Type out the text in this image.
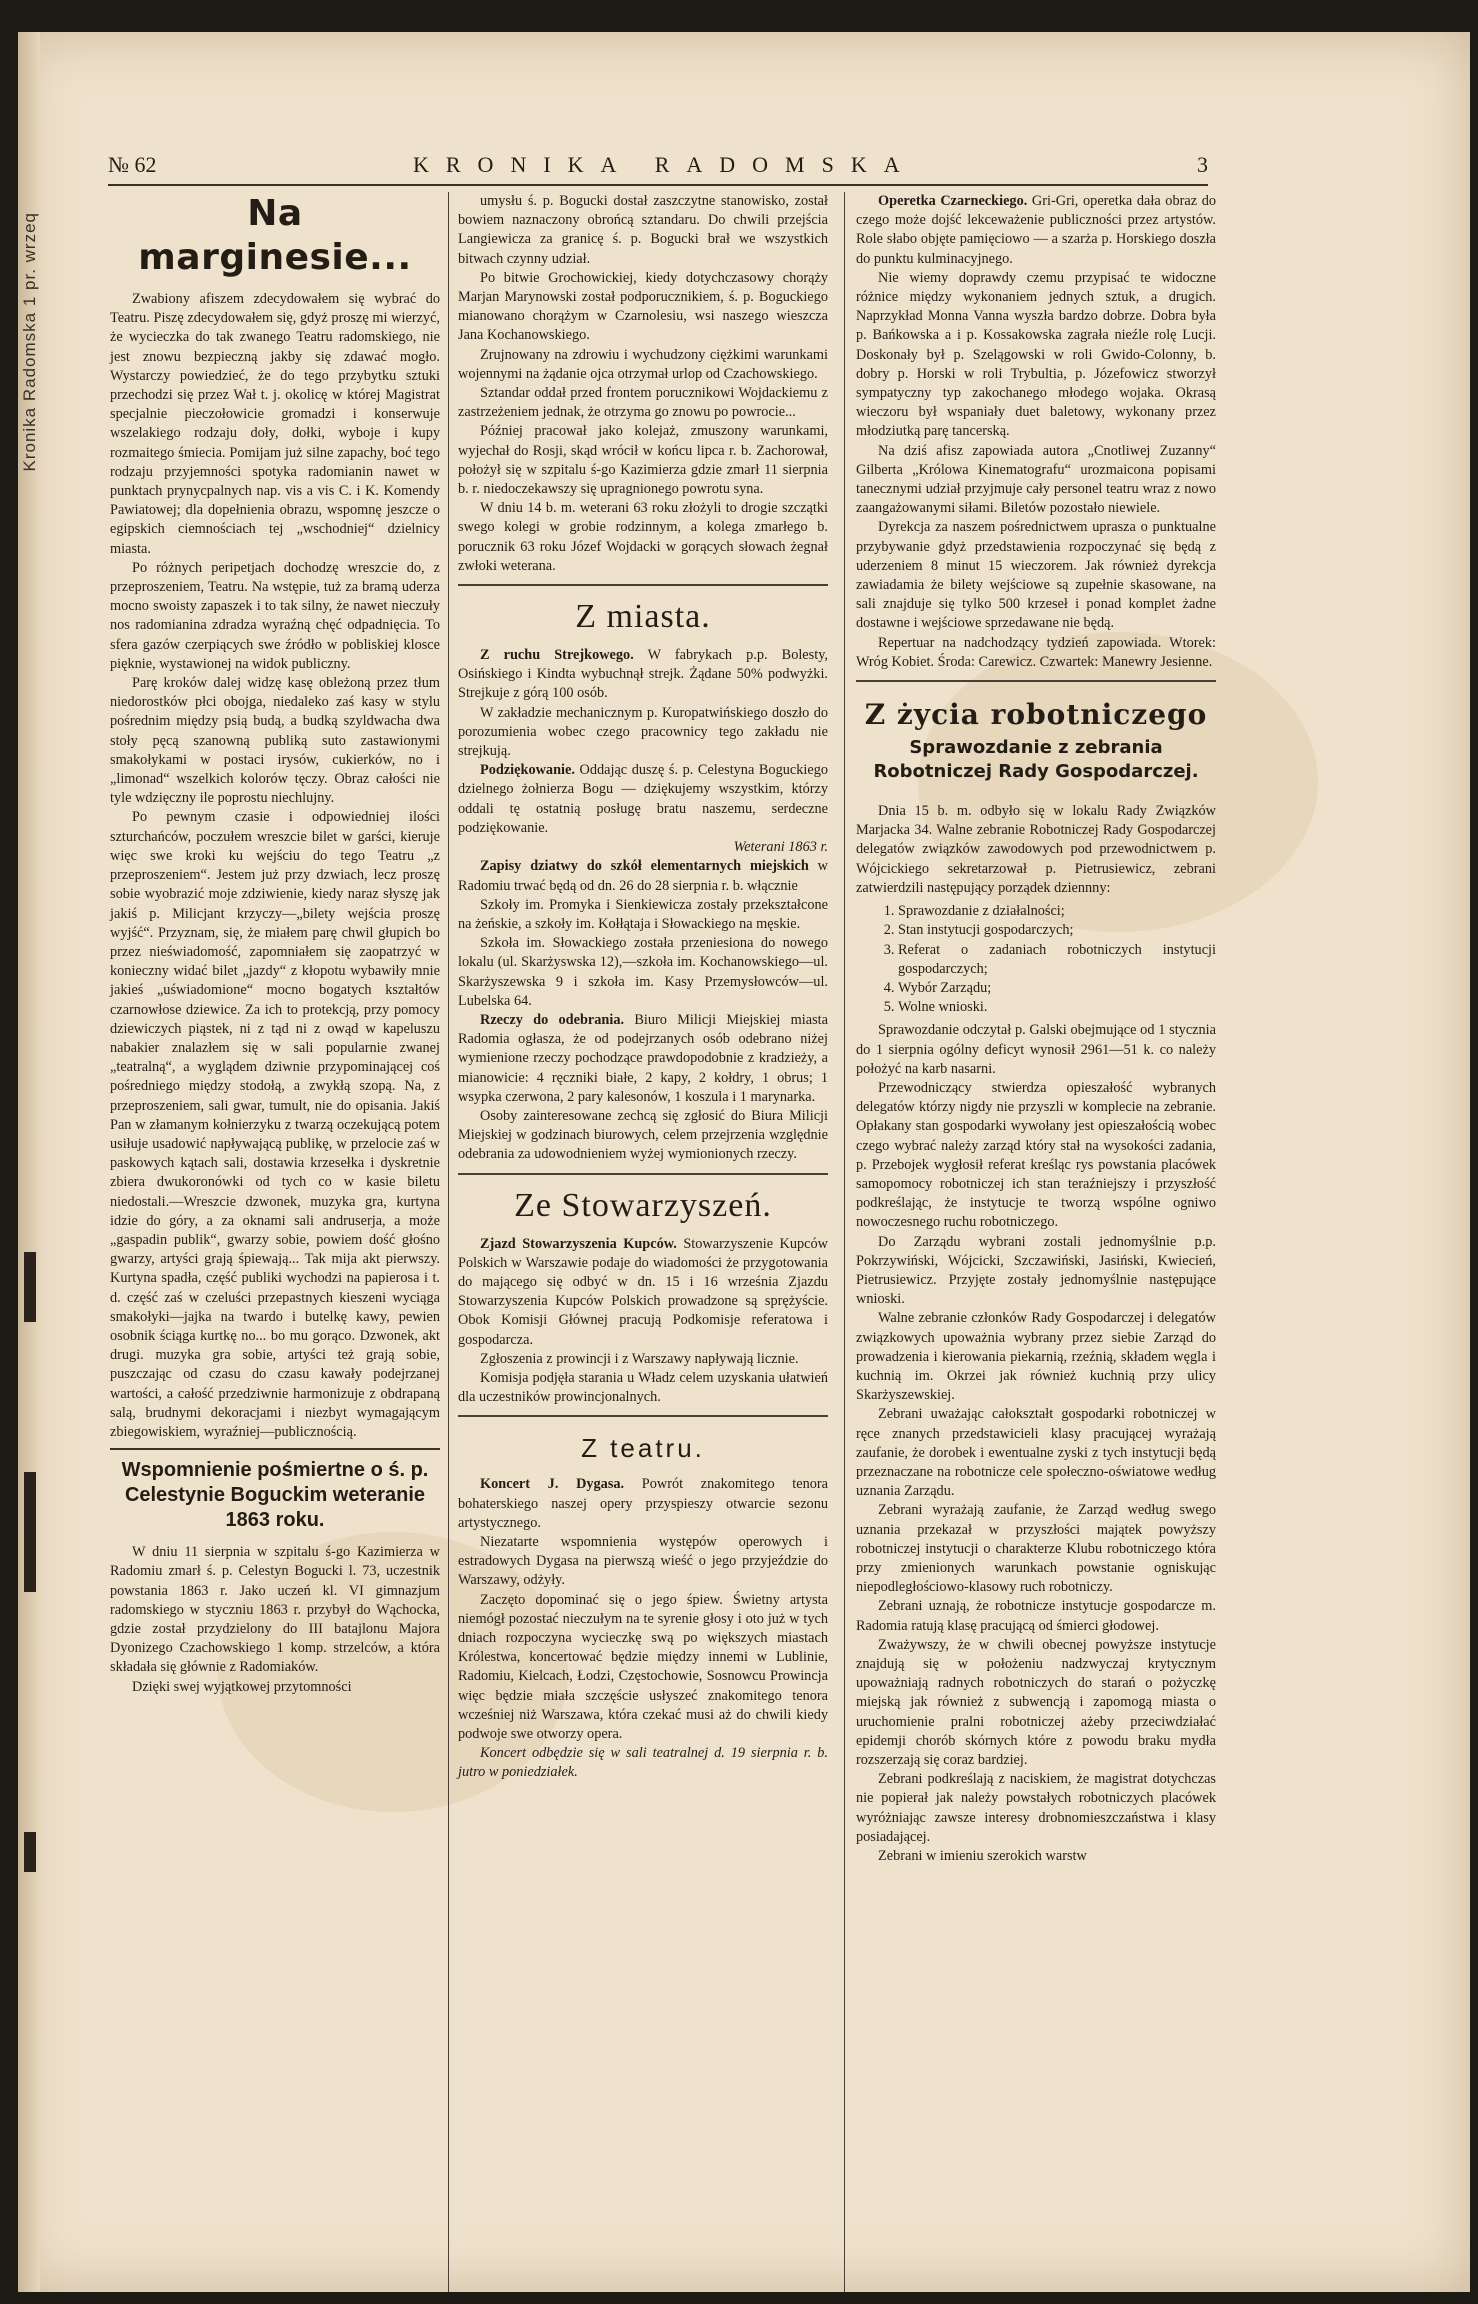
Kronika Radomska 1 pr. wrzeq
№ 62	KRONIKA RADOMSKA	3
Na marginesie...

Zwabiony afiszem zdecydowałem się wybrać do Teatru. Piszę zdecydowałem się, gdyż proszę mi wierzyć, że wycieczka do tak zwanego Teatru radomskiego, nie jest znowu bezpieczną jakby się zdawać mogło. Wystarczy powiedzieć, że do tego przybytku sztuki przechodzi się przez Wał t. j. okolicę w której Magistrat specjalnie pieczołowicie gromadzi i konserwuje wszelakiego rodzaju doły, dołki, wyboje i kupy rozmaitego śmiecia. Pomijam już silne zapachy, boć tego rodzaju przyjemności spotyka radomianin nawet w punktach prynycpalnych nap. vis a vis C. i K. Komendy Pawiatowej; dla dopełnienia obrazu, wspomnę jeszcze o egipskich ciemnościach tej „wschodniej“ dzielnicy miasta.

Po różnych peripetjach dochodzę wreszcie do, z przeproszeniem, Teatru. Na wstępie, tuż za bramą uderza mocno swoisty zapaszek i to tak silny, że nawet nieczuły nos radomianina zdradza wyraźną chęć odpadnięcia. To sfera gazów czerpiących swe źródło w pobliskiej klosce pięknie, wystawionej na widok publiczny.

Parę kroków dalej widzę kasę obleżoną przez tłum niedorostków płci obojga, niedaleko zaś kasy w stylu pośrednim między psią budą, a budką szyldwacha dwa stoły pęcą szanowną publiką suto zastawionymi smakołykami w postaci irysów, cukierków, no i „limonad“ wszelkich kolorów tęczy. Obraz całości nie tyle wdzięczny ile poprostu niechlujny.

Po pewnym czasie i odpowiedniej ilości szturchańców, poczułem wreszcie bilet w garści, kieruje więc swe kroki ku wejściu do tego Teatru „z przeproszeniem“. Jestem już przy dzwiach, lecz proszę sobie wyobrazić moje zdziwienie, kiedy naraz słyszę jak jakiś p. Milicjant krzyczy—„bilety wejścia proszę wyjść“. Przyznam, się, że miałem parę chwil głupich bo przez nieświadomość, zapomniałem się zaopatrzyć w konieczny widać bilet „jazdy“ z kłopotu wybawiły mnie jakieś „uświadomione“ mocno bogatych kształtów czarnowłose dziewice. Za ich to protekcją, przy pomocy dziewiczych piąstek, ni z tąd ni z owąd w kapeluszu nabakier znalazłem się w sali popularnie zwanej „teatralną“, a wyglądem dziwnie przypominającej coś pośredniego między stodołą, a zwykłą szopą. Na, z przeproszeniem, sali gwar, tumult, nie do opisania. Jakiś Pan w złamanym kołnierzyku z twarzą oczekującą potem usiłuje usadowić napływającą publikę, w przelocie zaś w paskowych kątach sali, dostawia krzesełka i dyskretnie zbiera dwukoronówki od tych co w kasie biletu niedostali.—Wreszcie dzwonek, muzyka gra, kurtyna idzie do góry, a za oknami sali andruserja, a może „gaspadin publik“, gwarzy sobie, powiem dość głośno gwarzy, artyści grają śpiewają... Tak mija akt pierwszy. Kurtyna spadła, część publiki wychodzi na papierosa i t. d. część zaś w czeluści przepastnych kieszeni wyciąga smakołyki—jajka na twardo i butelkę kawy, pewien osobnik ściąga kurtkę no... bo mu gorąco. Dzwonek, akt drugi. muzyka gra sobie, artyści też grają sobie, puszczając od czasu do czasu kawały podejrzanej wartości, a całość przedziwnie harmonizuje z obdrapaną salą, brudnymi dekoracjami i niezbyt wymagającym zbiegowiskiem, wyraźniej—publicznością.

Wspomnienie pośmiertne o ś. p. Celestynie Boguckim weteranie 1863 roku.

W dniu 11 sierpnia w szpitalu ś-go Kazimierza w Radomiu zmarł ś. p. Celestyn Bogucki l. 73, uczestnik powstania 1863 r. Jako uczeń kl. VI gimnazjum radomskiego w styczniu 1863 r. przybył do Wąchocka, gdzie został przydzielony do III batajlonu Majora Dyonizego Czachowskiego 1 komp. strzelców, a która składała się głównie z Radomiaków.

Dzięki swej wyjątkowej przytomności

umysłu ś. p. Bogucki dostał zaszczytne stanowisko, został bowiem naznaczony obrońcą sztandaru. Do chwili przejścia Langiewicza za granicę ś. p. Bogucki brał we wszystkich bitwach czynny udział.

Po bitwie Grochowickiej, kiedy dotychczasowy chorąży Marjan Marynowski został podporucznikiem, ś. p. Boguckiego mianowano chorążym w Czarnolesiu, wsi naszego wieszcza Jana Kochanowskiego.

Zrujnowany na zdrowiu i wychudzony ciężkimi warunkami wojennymi na żądanie ojca otrzymał urlop od Czachowskiego.

Sztandar oddał przed frontem porucznikowi Wojdackiemu z zastrzeżeniem jednak, że otrzyma go znowu po powrocie...

Później pracował jako kolejaż, zmuszony warunkami, wyjechał do Rosji, skąd wrócił w końcu lipca r. b. Zachorował, położył się w szpitalu ś-go Kazimierza gdzie zmarł 11 sierpnia b. r. niedoczekawszy się upragnionego powrotu syna.

W dniu 14 b. m. weterani 63 roku złożyli to drogie szczątki swego kolegi w grobie rodzinnym, a kolega zmarłego b. porucznik 63 roku Józef Wojdacki w gorących słowach żegnał zwłoki weterana.

Z miasta.

Z ruchu Strejkowego. W fabrykach p.p. Bolesty, Osińskiego i Kindta wybuchnął strejk. Żądane 50% podwyżki. Strejkuje z górą 100 osób.

W zakładzie mechanicznym p. Kuropatwińskiego doszło do porozumienia wobec czego pracownicy tego zakładu nie strejkują.

Podziękowanie. Oddając duszę ś. p. Celestyna Boguckiego dzielnego żołnierza Bogu — dziękujemy wszystkim, którzy oddali tę ostatnią posługę bratu naszemu, serdeczne podziękowanie.

Weterani 1863 r.

Zapisy dziatwy do szkół elementarnych miejskich w Radomiu trwać będą od dn. 26 do 28 sierpnia r. b. włącznie

Szkoły im. Promyka i Sienkiewicza zostały przekształcone na żeńskie, a szkoły im. Kołłątaja i Słowackiego na męskie.

Szkoła im. Słowackiego została przeniesiona do nowego lokalu (ul. Skarżyswska 12),—szkoła im. Kochanowskiego—ul. Skarżyszewska 9 i szkoła im. Kasy Przemysłowców—ul. Lubelska 64.

Rzeczy do odebrania. Biuro Milicji Miejskiej miasta Radomia ogłasza, że od podejrzanych osób odebrano niżej wymienione rzeczy pochodzące prawdopodobnie z kradzieży, a mianowicie: 4 ręczniki białe, 2 kapy, 2 kołdry, 1 obrus; 1 wsypka czerwona, 2 pary kalesonów, 1 koszula i 1 marynarka.

Osoby zainteresowane zechcą się zgłosić do Biura Milicji Miejskiej w godzinach biurowych, celem przejrzenia względnie odebrania za udowodnieniem wyżej wymionionych rzeczy.

Ze Stowarzyszeń.

Zjazd Stowarzyszenia Kupców. Stowarzyszenie Kupców Polskich w Warszawie podaje do wiadomości że przygotowania do mającego się odbyć w dn. 15 i 16 września Zjazdu Stowarzyszenia Kupców Polskich prowadzone są sprężyście. Obok Komisji Głównej pracują Podkomisje referatowa i gospodarcza.

Zgłoszenia z prowincji i z Warszawy napływają licznie.

Komisja podjęła starania u Władz celem uzyskania ułatwień dla uczestników prowincjonalnych.

Z teatru.

Koncert J. Dygasa. Powrót znakomitego tenora bohaterskiego naszej opery przyspieszy otwarcie sezonu artystycznego.

Niezatarte wspomnienia występów operowych i estradowych Dygasa na pierwszą wieść o jego przyjeździe do Warszawy, odżyły.

Zaczęto dopominać się o jego śpiew. Świetny artysta niemógł pozostać nieczułym na te syrenie głosy i oto już w tych dniach rozpoczyna wycieczkę swą po większych miastach Królestwa, koncertować będzie między innemi w Lublinie, Radomiu, Kielcach, Łodzi, Częstochowie, Sosnowcu Prowincja więc będzie miała szczęście usłyszeć znakomitego tenora wcześniej niż Warszawa, która czekać musi aż do chwili kiedy podwoje swe otworzy opera.

Koncert odbędzie się w sali teatralnej d. 19 sierpnia r. b. jutro w poniedziałek.

Operetka Czarneckiego. Gri-Gri, operetka dała obraz do czego może dojść lekceważenie publiczności przez artystów. Role słabo objęte pamięciowo — a szarża p. Horskiego doszła do punktu kulminacyjnego.

Nie wiemy doprawdy czemu przypisać te widoczne różnice między wykonaniem jednych sztuk, a drugich. Naprzykład Monna Vanna wyszła bardzo dobrze. Dobra była p. Bańkowska a i p. Kossakowska zagrała nieźle rolę Lucji. Doskonały był p. Szelągowski w roli Gwido-Colonny, b. dobry p. Horski w roli Trybultia, p. Józefowicz stworzył sympatyczny typ zakochanego młodego wojaka. Okrasą wieczoru był wspaniały duet baletowy, wykonany przez młodziutką parę tancerską.

Na dziś afisz zapowiada autora „Cnotliwej Zuzanny“ Gilberta „Królowa Kinematografu“ urozmaicona popisami tanecznymi udział przyjmuje cały personel teatru wraz z nowo zaangażowanymi siłami. Biletów pozostało niewiele.

Dyrekcja za naszem pośrednictwem uprasza o punktualne przybywanie gdyż przedstawienia rozpoczynać się będą z uderzeniem 8 minut 15 wieczorem. Jak również dyrekcja zawiadamia że bilety wejściowe są zupełnie skasowane, na sali znajduje się tylko 500 krzeseł i ponad komplet żadne dostawne i wejściowe sprzedawane nie będą.

Repertuar na nadchodzący tydzień zapowiada. Wtorek: Wróg Kobiet. Środa: Carewicz. Czwartek: Manewry Jesienne.

Z życia robotniczego
Sprawozdanie z zebrania Robotniczej Rady Gospodarczej.

Dnia 15 b. m. odbyło się w lokalu Rady Związków Marjacka 34. Walne zebranie Robotniczej Rady Gospodarczej delegatów związków zawodowych pod przewodnictwem p. Wójcickiego sekretarzował p. Pietrusiewicz, zebrani zatwierdzili następujący porządek dziennny:

1. Sprawozdanie z działalności;
2. Stan instytucji gospodarczych;
3. Referat o zadaniach robotniczych instytucji gospodarczych;
4. Wybór Zarządu;
5. Wolne wnioski.

Sprawozdanie odczytał p. Galski obejmujące od 1 stycznia do 1 sierpnia ogólny deficyt wynosił 2961—51 k. co należy położyć na karb nasarni.

Przewodniczący stwierdza opieszałość wybranych delegatów którzy nigdy nie przyszli w komplecie na zebranie. Opłakany stan gospodarki wywołany jest opieszałością wobec czego wybrać należy zarząd który stał na wysokości zadania, p. Przebojek wygłosił referat kreśląc rys powstania placówek samopomocy robotniczej ich stan teraźniejszy i przyszłość podkreślając, że instytucje te tworzą wspólne ogniwo nowoczesnego ruchu robotniczego.

Do Zarządu wybrani zostali jednomyślnie p.p. Pokrzywiński, Wójcicki, Szczawiński, Jasiński, Kwiecień, Pietrusiewicz. Przyjęte zostały jednomyślnie następujące wnioski.

Walne zebranie członków Rady Gospodarczej i delegatów związkowych upoważnia wybrany przez siebie Zarząd do prowadzenia i kierowania piekarnią, rzeźnią, składem węgla i kuchnią im. Okrzei jak również kuchnią przy ulicy Skarżyszewskiej.

Zebrani uważając całokształt gospodarki robotniczej w ręce znanych przedstawicieli klasy pracującej wyrażają zaufanie, że dorobek i ewentualne zyski z tych instytucji będą przeznaczane na robotnicze cele społeczno-oświatowe według uznania Zarządu.

Zebrani wyrażają zaufanie, że Zarząd według swego uznania przekazał w przyszłości majątek powyższy robotniczej instytucji o charakterze Klubu robotniczego która przy zmienionych warunkach powstanie ogniskując niepodległościowo-klasowy ruch robotniczy.

Zebrani uznają, że robotnicze instytucje gospodarcze m. Radomia ratują klasę pracującą od śmierci głodowej.

Zważywszy, że w chwili obecnej powyższe instytucje znajdują się w położeniu nadzwyczaj krytycznym upoważniają radnych robotniczych do starań o pożyczkę miejską jak również z subwencją i zapomogą miasta o uruchomienie pralni robotniczej ażeby przeciwdziałać epidemji chorób skórnych które z powodu braku mydła rozszerzają się coraz bardziej.

Zebrani podkreślają z naciskiem, że magistrat dotychczas nie popierał jak należy powstałych robotniczych placówek wyróżniając zawsze interesy drobnomieszczaństwa i klasy posiadającej.

Zebrani w imieniu szerokich warstw
